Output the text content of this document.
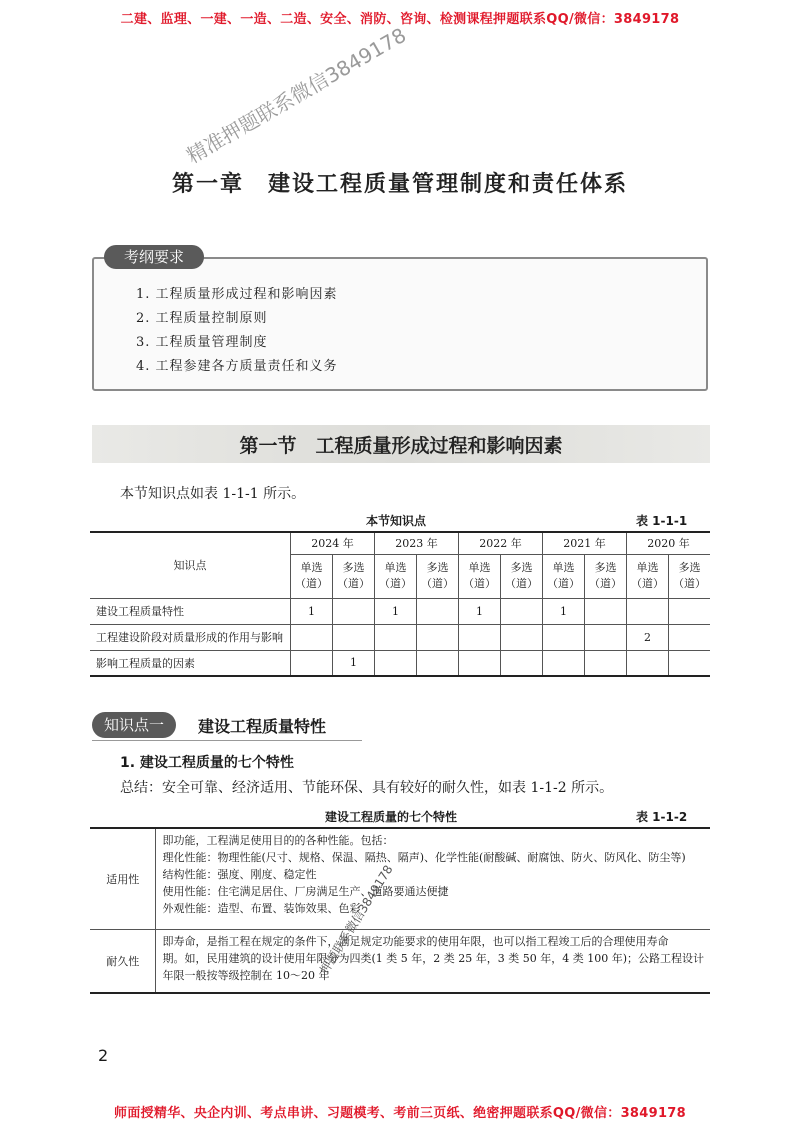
二建、监理、一建、一造、二造、安全、消防、咨询、检测课程押题联系QQ/微信：3849178
师面授精华、央企内训、考点串讲、习题模考、考前三页纸、绝密押题联系QQ/微信：3849178
第一章　建设工程质量管理制度和责任体系
精准押题联系微信3849178
考纲要求
1. 工程质量形成过程和影响因素
2. 工程质量控制原则
3. 工程质量管理制度
4. 工程参建各方质量责任和义务
第一节　工程质量形成过程和影响因素
本节知识点如表 1-1-1 所示。
本节知识点	表 1-1-1
知识点	2024 年		2023 年		2022 年		2021 年		2020 年	
	单选（道）	多选（道）	单选（道）	多选（道）	单选（道）	多选（道）	单选（道）	多选（道）	单选（道）	多选（道）
建设工程质量特性	1		1		1		1			
工程建设阶段对质量形成的作用与影响									2	
影响工程质量的因素		1								
知识点一	建设工程质量特性
1. 建设工程质量的七个特性
总结：安全可靠、经济适用、节能环保、具有较好的耐久性，如表 1-1-2 所示。
建设工程质量的七个特性	表 1-1-2
适用性	即功能，工程满足使用目的的各种性能。包括：
理化性能：物理性能(尺寸、规格、保温、隔热、隔声)、化学性能(耐酸碱、耐腐蚀、防火、防风化、防尘等)
结构性能：强度、刚度、稳定性
使用性能：住宅满足居住、厂房满足生产、道路要通达便捷
外观性能：造型、布置、装饰效果、色彩

耐久性	即寿命，是指工程在规定的条件下，满足规定功能要求的使用年限，也可以指工程竣工后的合理使用寿命
期。如，民用建筑的设计使用年限分为四类(1 类 5 年，2 类 25 年，3 类 50 年，4 类 100 年)；公路工程设计
年限一般按等级控制在 10～20 年
押题联系微信3849178
2
